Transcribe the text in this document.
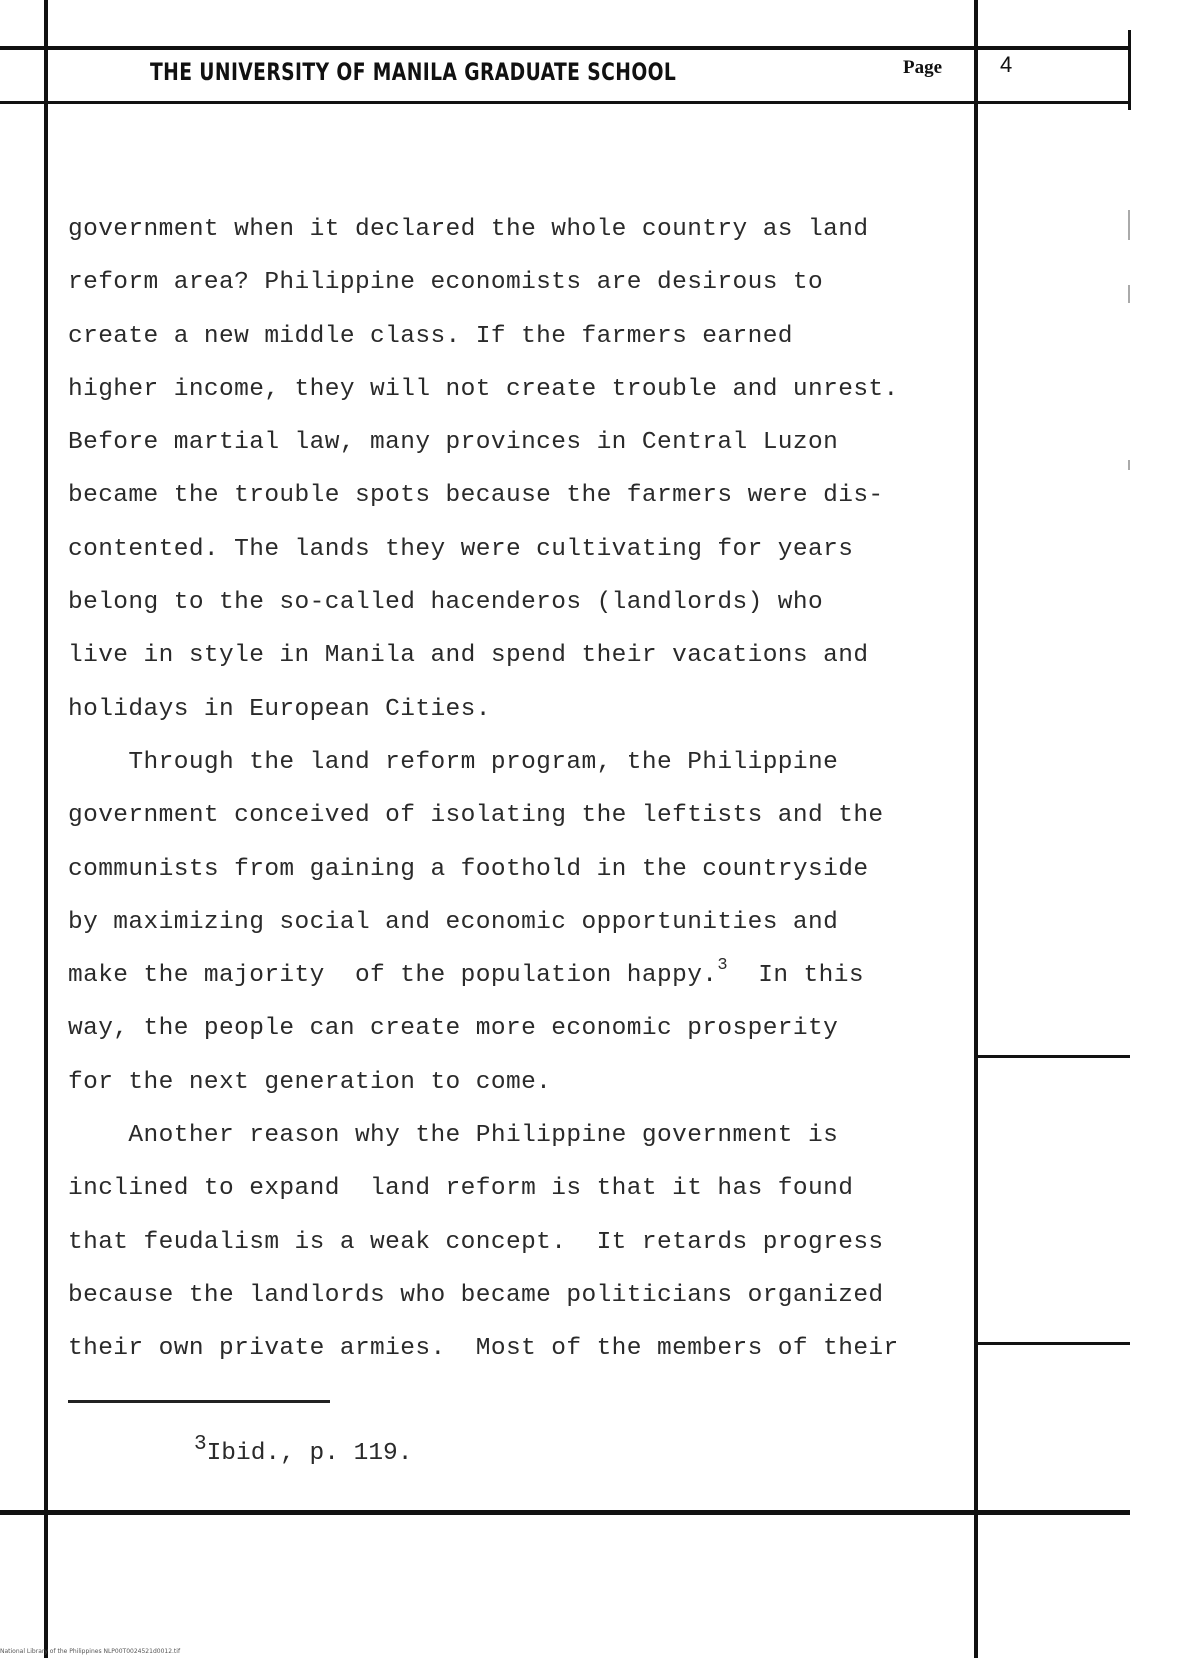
THE UNIVERSITY OF MANILA GRADUATE SCHOOL	Page	4
government when it declared the whole country as land
reform area? Philippine economists are desirous to
create a new middle class. If the farmers earned
higher income, they will not create trouble and unrest.
Before martial law, many provinces in Central Luzon
became the trouble spots because the farmers were dis-
contented. The lands they were cultivating for years
belong to the so-called hacenderos (landlords) who
live in style in Manila and spend their vacations and
holidays in European Cities.
Through the land reform program, the Philippine
government conceived of isolating the leftists and the
communists from gaining a foothold in the countryside
by maximizing social and economic opportunities and
make the majority  of the population happy.$^3$  In this
way, the people can create more economic prosperity
for the next generation to come.
Another reason why the Philippine government is
inclined to expand  land reform is that it has found
that feudalism is a weak concept.  It retards progress
because the landlords who became politicians organized
their own private armies.  Most of the members of their
$^3$Ibid., p. 119.
National Library of the Philippines NLP00T0024521d0012.tif
